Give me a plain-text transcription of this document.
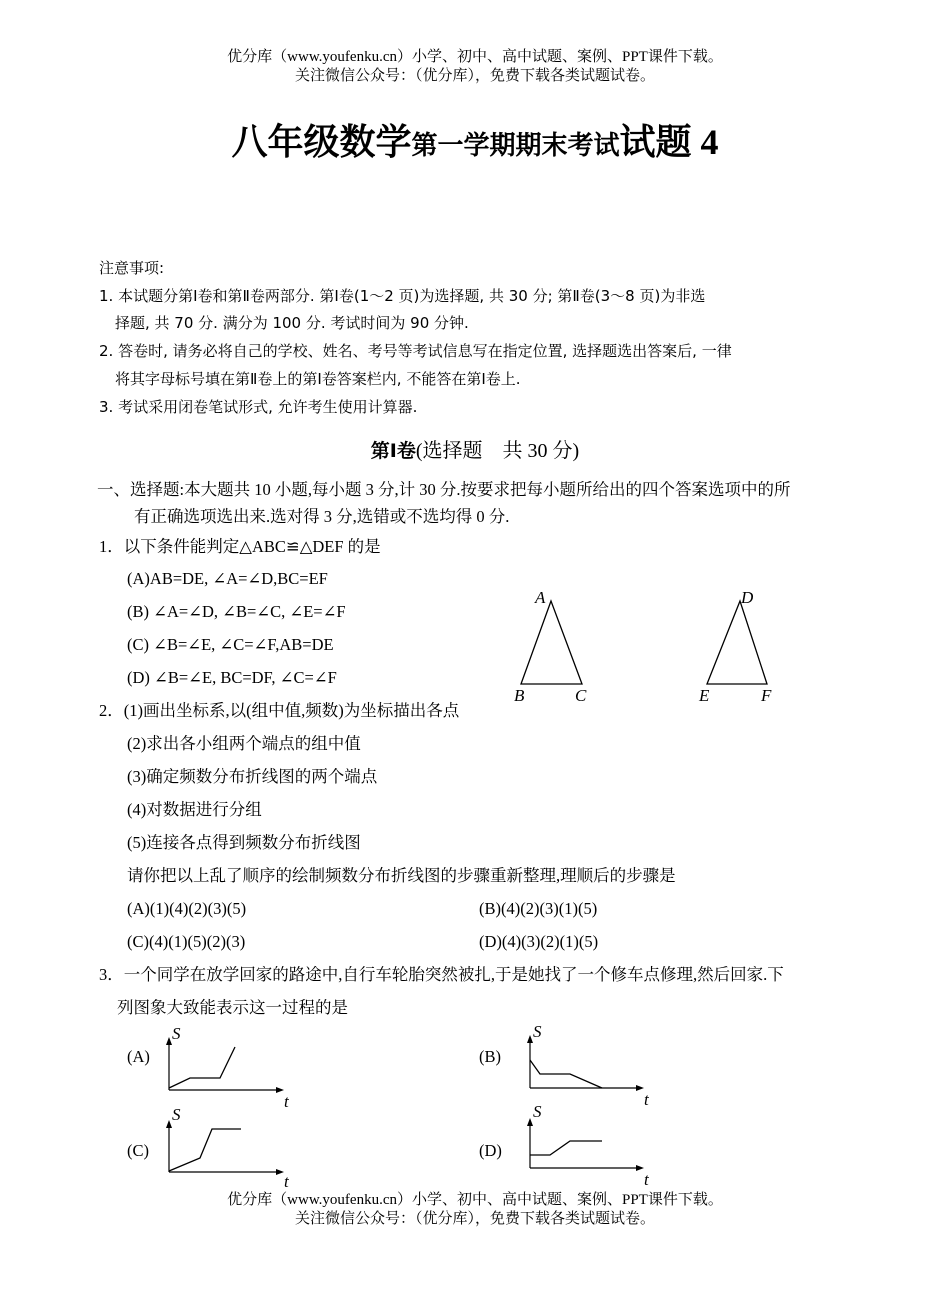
优分库（www.youfenku.cn）小学、初中、高中试题、案例、PPT课件下载。
关注微信公众号：（优分库），免费下载各类试题试卷。
八年级数学第一学期期末考试试题 4
注意事项:
1. 本试题分第Ⅰ卷和第Ⅱ卷两部分. 第Ⅰ卷(1～2 页)为选择题, 共 30 分; 第Ⅱ卷(3～8 页)为非选
择题, 共 70 分. 满分为 100 分. 考试时间为 90 分钟.
2. 答卷时, 请务必将自己的学校、姓名、考号等考试信息写在指定位置, 选择题选出答案后, 一律
将其字母标号填在第Ⅱ卷上的第Ⅰ卷答案栏内, 不能答在第Ⅰ卷上.
3. 考试采用闭卷笔试形式, 允许考生使用计算器.
第Ⅰ卷(选择题　共 30 分)
一、选择题:本大题共 10 小题,每小题 3 分,计 30 分.按要求把每小题所给出的四个答案选项中的所
有正确选项选出来.选对得 3 分,选错或不选均得 0 分.
1．以下条件能判定△ABC≌△DEF 的是
(A)AB=DE, ∠A=∠D,BC=EF
(B) ∠A=∠D, ∠B=∠C, ∠E=∠F
(C) ∠B=∠E, ∠C=∠F,AB=DE
(D) ∠B=∠E, BC=DF, ∠C=∠F
A
B	C
D
E	F
2．(1)画出坐标系,以(组中值,频数)为坐标描出各点
(2)求出各小组两个端点的组中值
(3)确定频数分布折线图的两个端点
(4)对数据进行分组
(5)连接各点得到频数分布折线图
请你把以上乱了顺序的绘制频数分布折线图的步骤重新整理,理顺后的步骤是
(A)(1)(4)(2)(3)(5)	(B)(4)(2)(3)(1)(5)
(C)(4)(1)(5)(2)(3)	(D)(4)(3)(2)(1)(5)
3．一个同学在放学回家的路途中,自行车轮胎突然被扎,于是她找了一个修车点修理,然后回家.下
列图象大致能表示这一过程的是
(A)	(B)
(C)	(D)
S
t
S
t
S
t
S
t
优分库（www.youfenku.cn）小学、初中、高中试题、案例、PPT课件下载。
关注微信公众号：（优分库），免费下载各类试题试卷。
